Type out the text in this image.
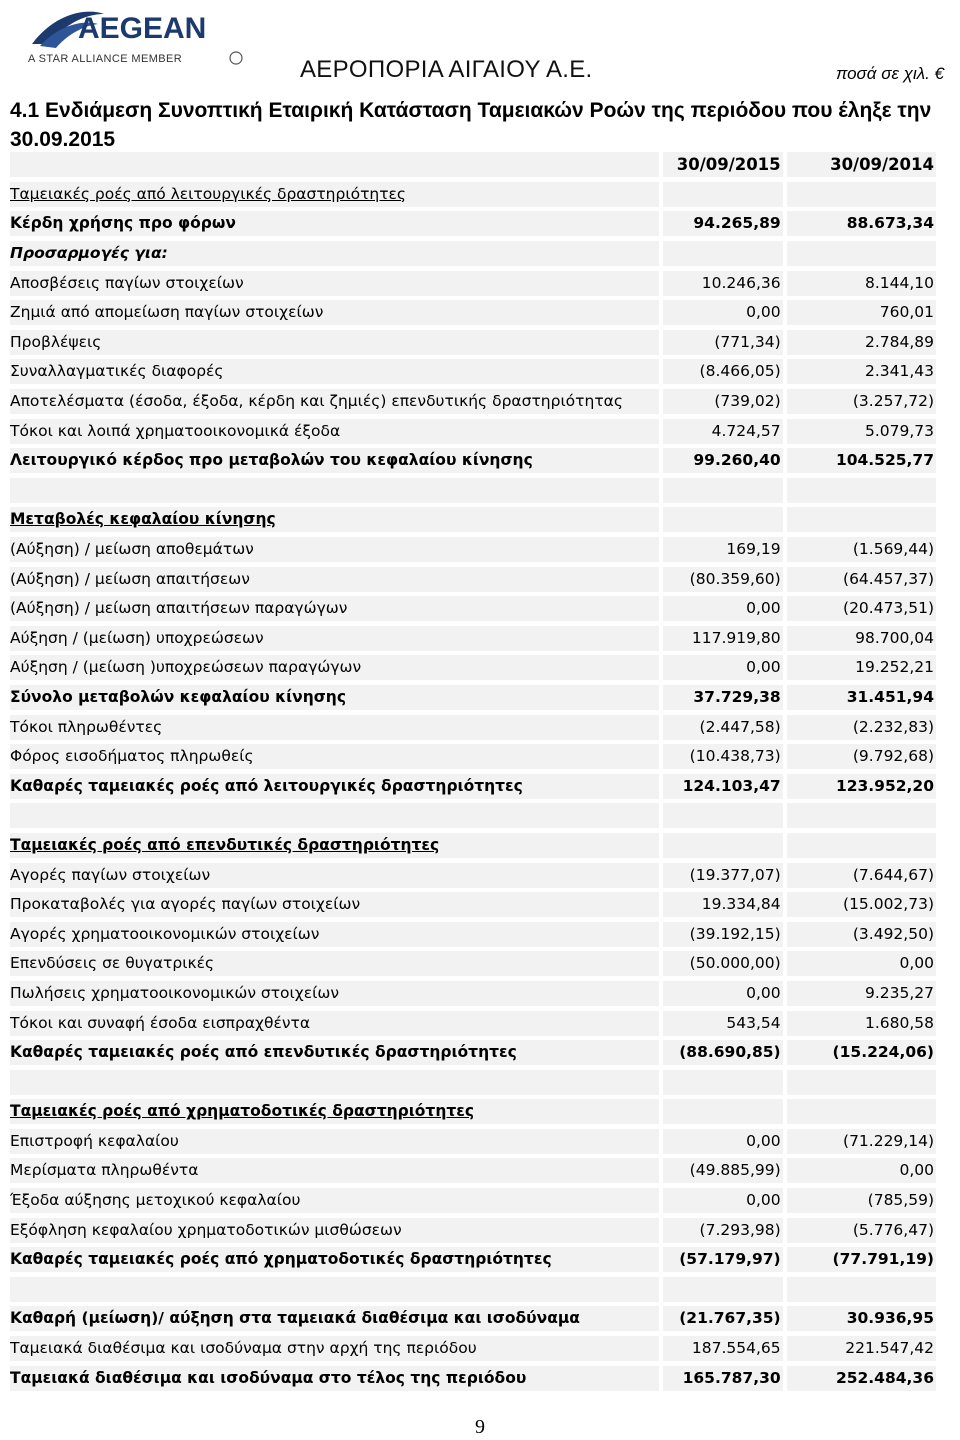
AEGEAN
A STAR ALLIANCE MEMBER	ΑΕΡΟΠΟΡΙΑ ΑΙΓΑΙΟΥ Α.Ε.	ποσά σε χιλ. €
4.1 Ενδιάμεση Συνοπτική Εταιρική Κατάσταση Ταμειακών Ροών της περιόδου που έληξε την 30.09.2015
30/09/2015	30/09/2014
Ταμειακές ροές από λειτουργικές δραστηριότητες
Κέρδη χρήσης προ φόρων	94.265,89	88.673,34
Προσαρμογές για:
Αποσβέσεις παγίων στοιχείων	10.246,36	8.144,10
Ζημιά από απομείωση παγίων στοιχείων	0,00	760,01
Προβλέψεις	(771,34)	2.784,89
Συναλλαγματικές διαφορές	(8.466,05)	2.341,43
Αποτελέσματα (έσοδα, έξοδα, κέρδη και ζημιές) επενδυτικής δραστηριότητας	(739,02)	(3.257,72)
Τόκοι και λοιπά χρηματοοικονομικά έξοδα	4.724,57	5.079,73
Λειτουργικό κέρδος προ μεταβολών του κεφαλαίου κίνησης	99.260,40	104.525,77
Μεταβολές κεφαλαίου κίνησης
(Αύξηση) / μείωση αποθεμάτων	169,19	(1.569,44)
(Αύξηση) / μείωση απαιτήσεων	(80.359,60)	(64.457,37)
(Αύξηση) / μείωση απαιτήσεων παραγώγων	0,00	(20.473,51)
Αύξηση / (μείωση) υποχρεώσεων	117.919,80	98.700,04
Αύξηση / (μείωση )υποχρεώσεων παραγώγων	0,00	19.252,21
Σύνολο μεταβολών κεφαλαίου κίνησης	37.729,38	31.451,94
Τόκοι πληρωθέντες	(2.447,58)	(2.232,83)
Φόρος εισοδήματος πληρωθείς	(10.438,73)	(9.792,68)
Καθαρές ταμειακές ροές από λειτουργικές δραστηριότητες	124.103,47	123.952,20
Ταμειακές ροές από επενδυτικές δραστηριότητες
Αγορές παγίων στοιχείων	(19.377,07)	(7.644,67)
Προκαταβολές για αγορές παγίων στοιχείων	19.334,84	(15.002,73)
Αγορές χρηματοοικονομικών στοιχείων	(39.192,15)	(3.492,50)
Επενδύσεις σε θυγατρικές	(50.000,00)	0,00
Πωλήσεις χρηματοοικονομικών στοιχείων	0,00	9.235,27
Τόκοι και συναφή έσοδα εισπραχθέντα	543,54	1.680,58
Καθαρές ταμειακές ροές από επενδυτικές δραστηριότητες	(88.690,85)	(15.224,06)
Ταμειακές ροές από χρηματοδοτικές δραστηριότητες
Επιστροφή κεφαλαίου	0,00	(71.229,14)
Μερίσματα πληρωθέντα	(49.885,99)	0,00
Έξοδα αύξησης μετοχικού κεφαλαίου	0,00	(785,59)
Εξόφληση κεφαλαίου χρηματοδοτικών μισθώσεων	(7.293,98)	(5.776,47)
Καθαρές ταμειακές ροές από χρηματοδοτικές δραστηριότητες	(57.179,97)	(77.791,19)
Καθαρή (μείωση)/ αύξηση στα ταμειακά διαθέσιμα και ισοδύναμα	(21.767,35)	30.936,95
Ταμειακά διαθέσιμα και ισοδύναμα στην αρχή της περιόδου	187.554,65	221.547,42
Ταμειακά διαθέσιμα και ισοδύναμα στο τέλος της περιόδου	165.787,30	252.484,36
9
